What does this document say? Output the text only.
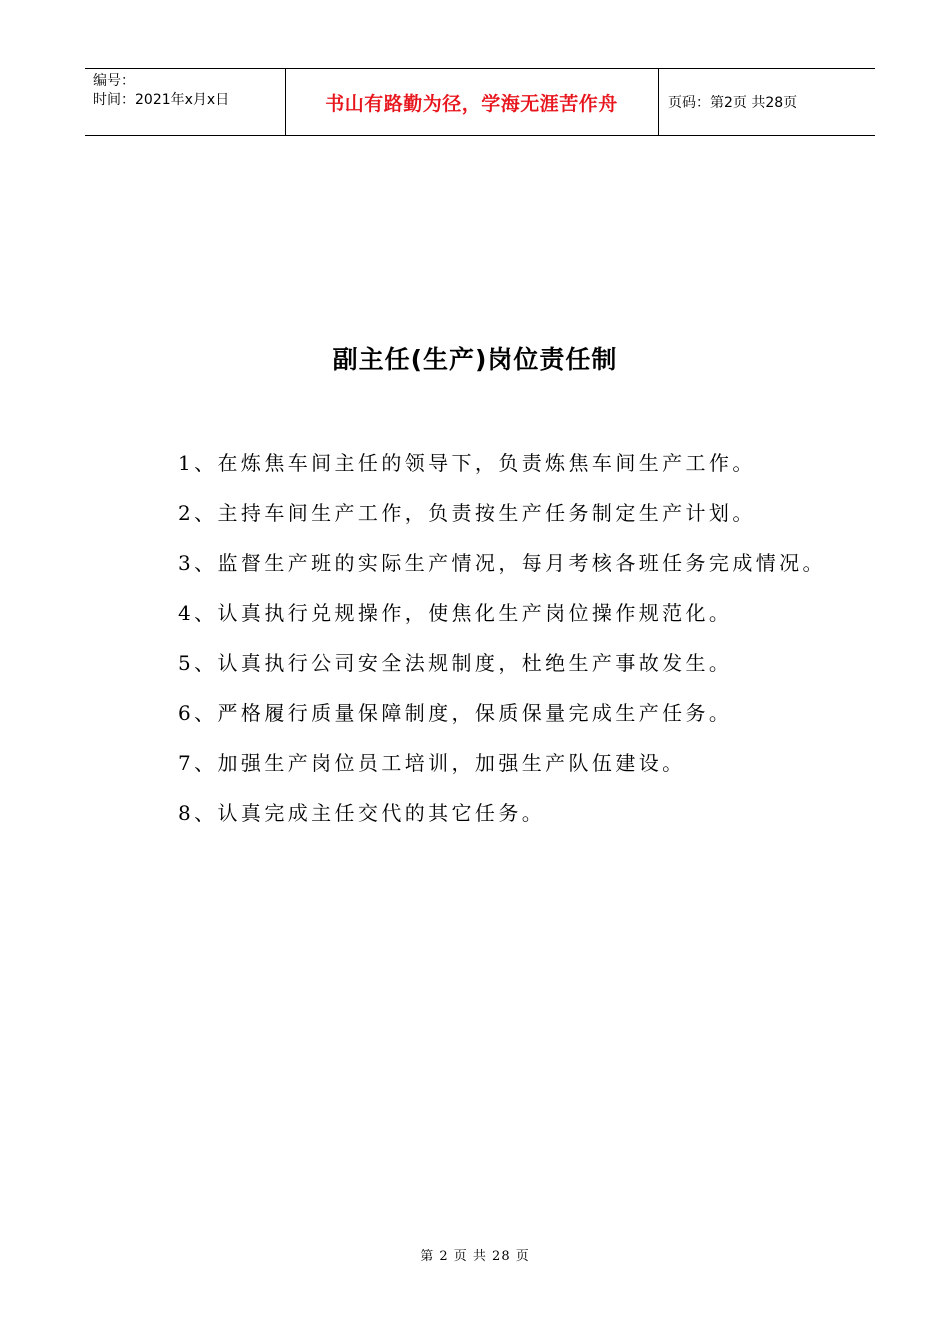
编号：
时间：2021年x月x日	书山有路勤为径，学海无涯苦作舟	页码：第2页 共28页
副主任(生产)岗位责任制

1、在炼焦车间主任的领导下，负责炼焦车间生产工作。

2、主持车间生产工作，负责按生产任务制定生产计划。

3、监督生产班的实际生产情况，每月考核各班任务完成情况。

4、认真执行兑规操作，使焦化生产岗位操作规范化。

5、认真执行公司安全法规制度，杜绝生产事故发生。

6、严格履行质量保障制度，保质保量完成生产任务。

7、加强生产岗位员工培训，加强生产队伍建设。

8、认真完成主任交代的其它任务。

第 2 页 共 28 页
